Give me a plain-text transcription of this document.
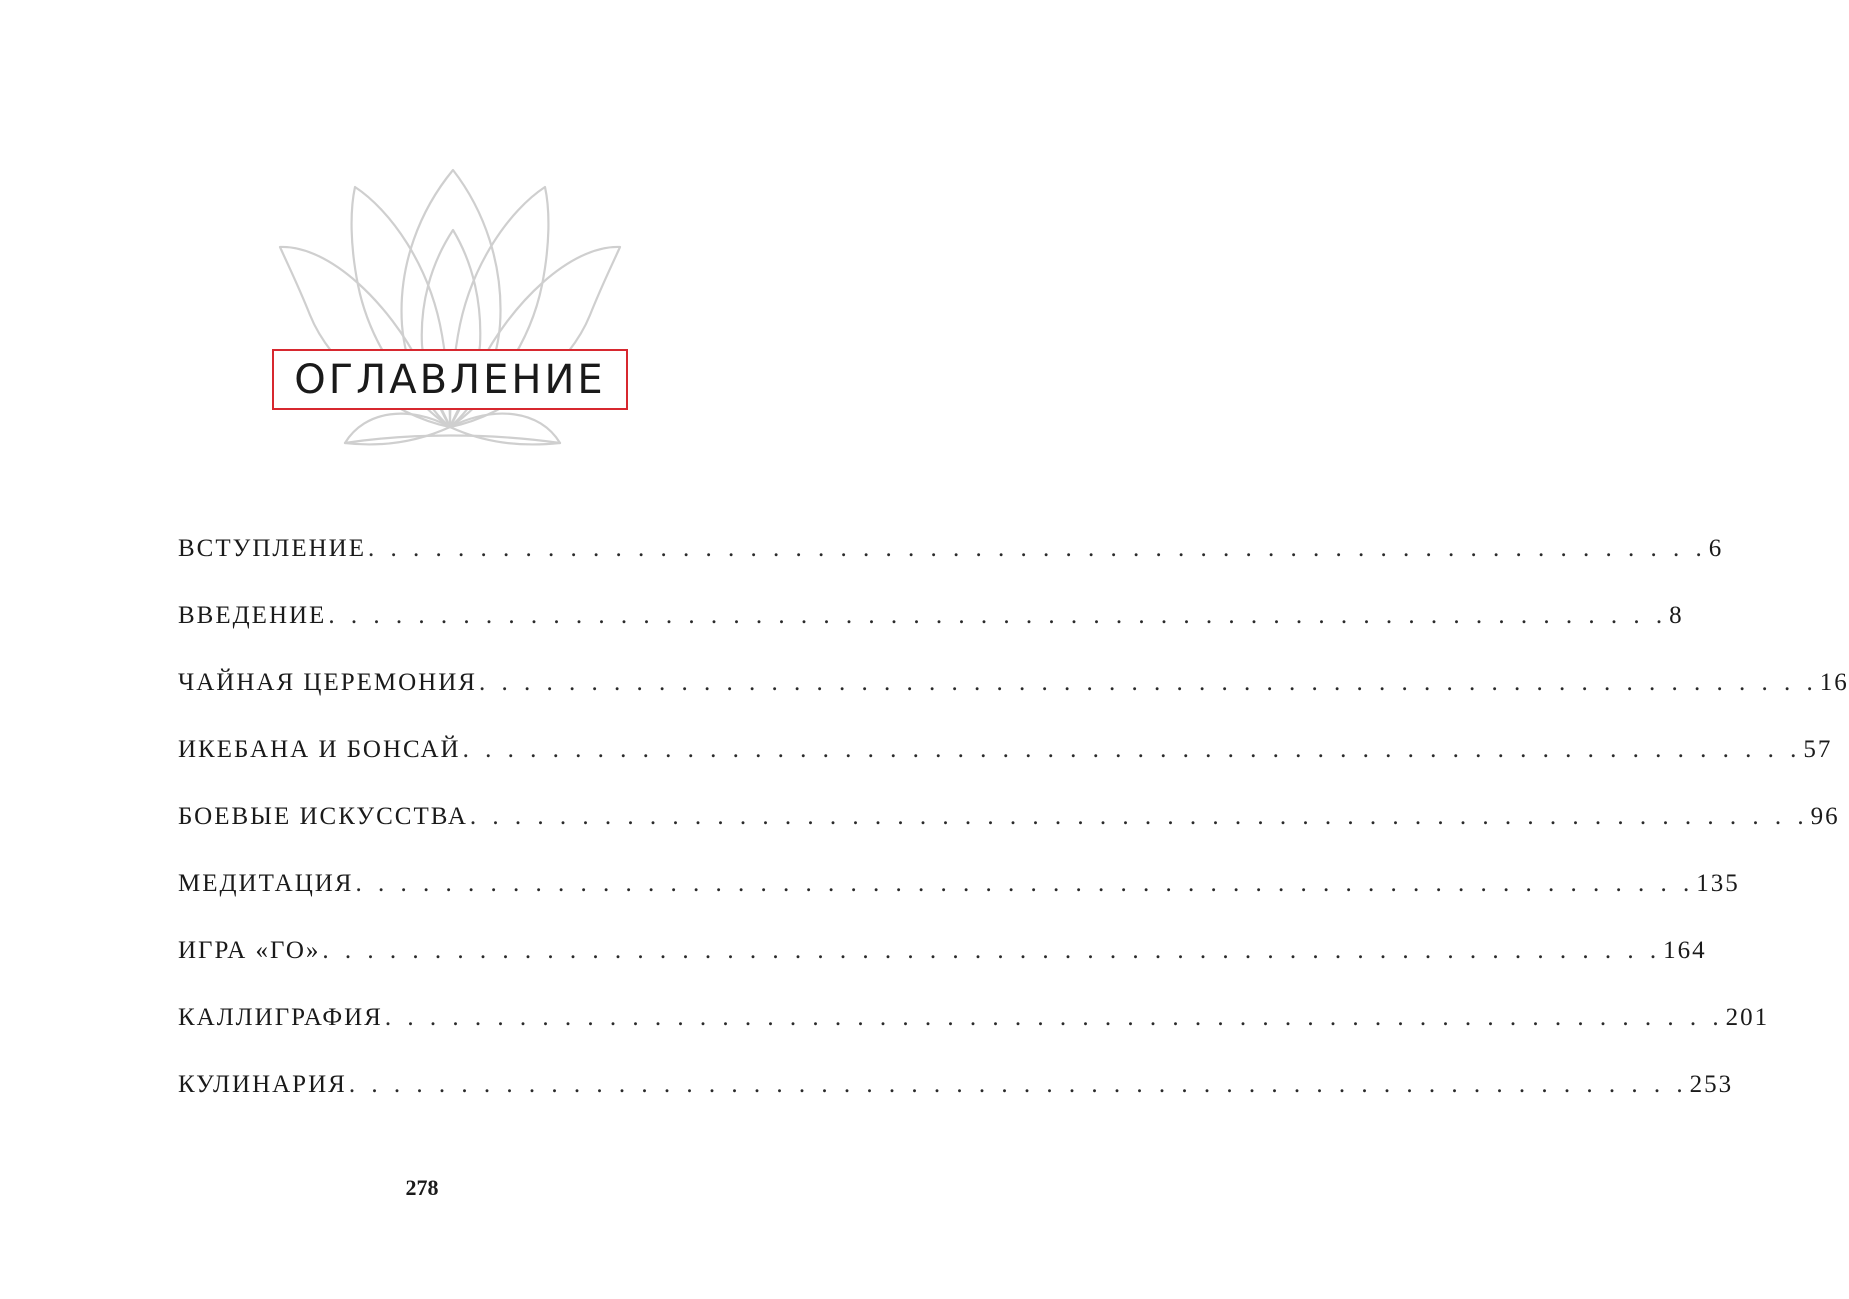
ОГЛАВЛЕНИЕ
ВСТУПЛЕНИЕ . . . . . . . . . . . . . . . . . . . . . . . . . . . . . . . . . . . . . . . . . . . . . . . . . . . . . . . . . . . . 6
ВВЕДЕНИЕ . . . . . . . . . . . . . . . . . . . . . . . . . . . . . . . . . . . . . . . . . . . . . . . . . . . . . . . . . . . . 8
ЧАЙНАЯ ЦЕРЕМОНИЯ . . . . . . . . . . . . . . . . . . . . . . . . . . . . . . . . . . . . . . . . . . . . . . . . . . . . . . . . . . . . 16
ИКЕБАНА И БОНСАЙ . . . . . . . . . . . . . . . . . . . . . . . . . . . . . . . . . . . . . . . . . . . . . . . . . . . . . . . . . . . . 57
БОЕВЫЕ ИСКУССТВА . . . . . . . . . . . . . . . . . . . . . . . . . . . . . . . . . . . . . . . . . . . . . . . . . . . . . . . . . . . . 96
МЕДИТАЦИЯ . . . . . . . . . . . . . . . . . . . . . . . . . . . . . . . . . . . . . . . . . . . . . . . . . . . . . . . . . . . . 135
ИГРА «ГО» . . . . . . . . . . . . . . . . . . . . . . . . . . . . . . . . . . . . . . . . . . . . . . . . . . . . . . . . . . . . 164
КАЛЛИГРАФИЯ . . . . . . . . . . . . . . . . . . . . . . . . . . . . . . . . . . . . . . . . . . . . . . . . . . . . . . . . . . . . 201
КУЛИНАРИЯ . . . . . . . . . . . . . . . . . . . . . . . . . . . . . . . . . . . . . . . . . . . . . . . . . . . . . . . . . . . . 253
278
